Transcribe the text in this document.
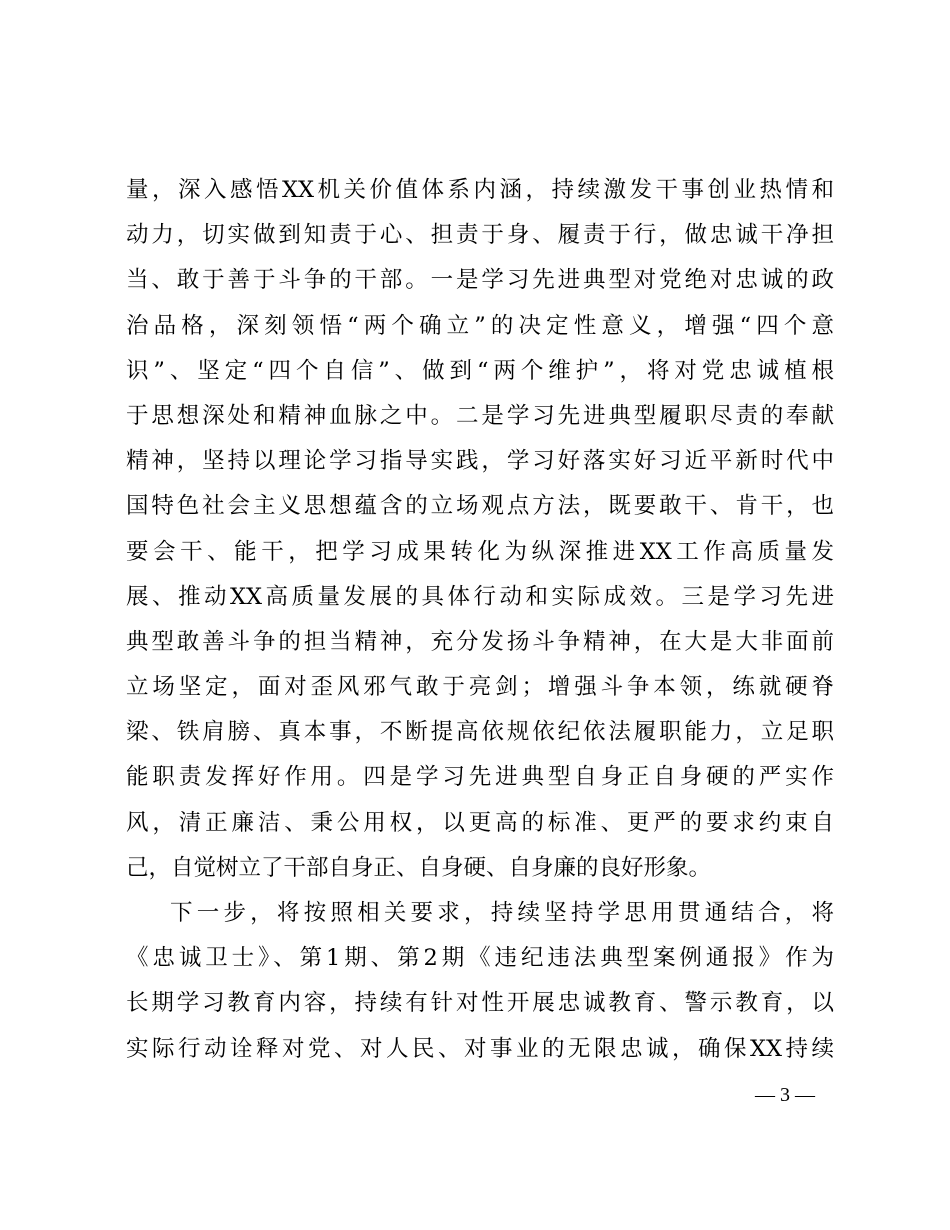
量，深入感悟XX机关价值体系内涵，持续激发干事创业热情和
动力，切实做到知责于心、担责于身、履责于行，做忠诚干净担
当、敢于善于斗争的干部。一是学习先进典型对党绝对忠诚的政
治品格，深刻领悟“两个确立”的决定性意义，增强“四个意
识”、坚定“四个自信”、做到“两个维护”，将对党忠诚植根
于思想深处和精神血脉之中。二是学习先进典型履职尽责的奉献
精神，坚持以理论学习指导实践，学习好落实好习近平新时代中
国特色社会主义思想蕴含的立场观点方法，既要敢干、肯干，也
要会干、能干，把学习成果转化为纵深推进XX工作高质量发
展、推动XX高质量发展的具体行动和实际成效。三是学习先进
典型敢善斗争的担当精神，充分发扬斗争精神，在大是大非面前
立场坚定，面对歪风邪气敢于亮剑；增强斗争本领，练就硬脊
梁、铁肩膀、真本事，不断提高依规依纪依法履职能力，立足职
能职责发挥好作用。四是学习先进典型自身正自身硬的严实作
风，清正廉洁、秉公用权，以更高的标准、更严的要求约束自
己，自觉树立了干部自身正、自身硬、自身廉的良好形象。
下一步，将按照相关要求，持续坚持学思用贯通结合，将
《忠诚卫士》、第1期、第2期《违纪违法典型案例通报》作为
长期学习教育内容，持续有针对性开展忠诚教育、警示教育，以
实际行动诠释对党、对人民、对事业的无限忠诚，确保XX持续
— 3 —
